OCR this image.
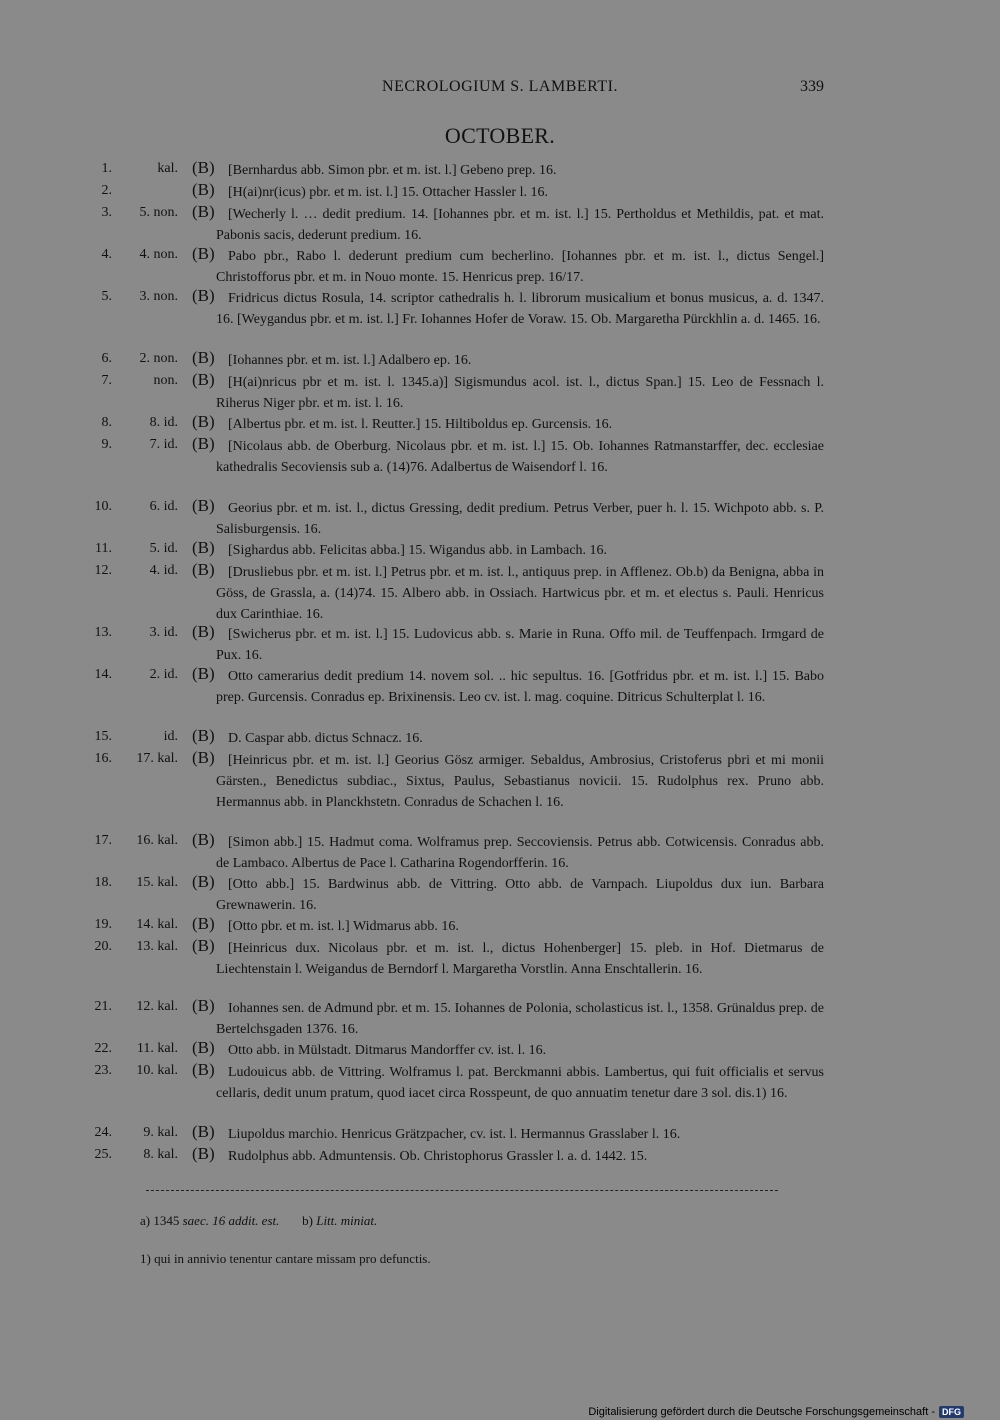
NECROLOGIUM S. LAMBERTI.	339
OCTOBER.
1.	kal. (B) [Bernhardus abb. Simon pbr. et m. ist. l.] Gebeno prep. 16.
2.	(B) [H(ai)nr(icus) pbr. et m. ist. l.] 15. Ottacher Hassler l. 16.
3.	5. non. (B) [Wecherly l. … dedit predium. 14. [Iohannes pbr. et m. ist. l.] 15. Pertholdus et Methildis, pat. et mat. Pabonis sacis, dederunt predium. 16.
4.	4. non. (B) Pabo pbr., Rabo l. dederunt predium cum becherlino. [Iohannes pbr. et m. ist. l., dictus Sengel.] Christofforus pbr. et m. in Nouo monte. 15. Henricus prep. 16/17.
5.	3. non. (B) Fridricus dictus Rosula, 14. scriptor cathedralis h. l. librorum musicalium et bonus musicus, a. d. 1347. 16. [Weygandus pbr. et m. ist. l.] Fr. Iohannes Hofer de Voraw. 15. Ob. Margaretha Pürckhlin a. d. 1465. 16.
6.	2. non. (B) [Iohannes pbr. et m. ist. l.] Adalbero ep. 16.
7.	non. (B) [H(ai)nricus pbr et m. ist. l. 1345.a)] Sigismundus acol. ist. l., dictus Span.] 15. Leo de Fessnach l. Riherus Niger pbr. et m. ist. l. 16.
8.	8. id. (B) [Albertus pbr. et m. ist. l. Reutter.] 15. Hiltiboldus ep. Gurcensis. 16.
9.	7. id. (B) [Nicolaus abb. de Oberburg. Nicolaus pbr. et m. ist. l.] 15. Ob. Iohannes Ratmanstarffer, dec. ecclesiae kathedralis Secoviensis sub a. (14)76. Adalbertus de Waisendorf l. 16.
10.	6. id. (B) Georius pbr. et m. ist. l., dictus Gressing, dedit predium. Petrus Verber, puer h. l. 15. Wichpoto abb. s. P. Salisburgensis. 16.
11.	5. id. (B) [Sighardus abb. Felicitas abba.] 15. Wigandus abb. in Lambach. 16.
12.	4. id. (B) [Drusliebus pbr. et m. ist. l.] Petrus pbr. et m. ist. l., antiquus prep. in Afflenez. Ob.b) da Benigna, abba in Göss, de Grassla, a. (14)74. 15. Albero abb. in Ossiach. Hartwicus pbr. et m. et electus s. Pauli. Henricus dux Carinthiae. 16.
13.	3. id. (B) [Swicherus pbr. et m. ist. l.] 15. Ludovicus abb. s. Marie in Runa. Offo mil. de Teuffenpach. Irmgard de Pux. 16.
14.	2. id. (B) Otto camerarius dedit predium 14. novem sol. .. hic sepultus. 16. [Gotfridus pbr. et m. ist. l.] 15. Babo prep. Gurcensis. Conradus ep. Brixinensis. Leo cv. ist. l. mag. coquine. Ditricus Schulterplat l. 16.
15.	id. (B) D. Caspar abb. dictus Schnacz. 16.
16.	17. kal. (B) [Heinricus pbr. et m. ist. l.] Georius Gösz armiger. Sebaldus, Ambrosius, Cristoferus pbri et mi monii Gärsten., Benedictus subdiac., Sixtus, Paulus, Sebastianus novicii. 15. Rudolphus rex. Pruno abb. Hermannus abb. in Planckhstetn. Conradus de Schachen l. 16.
17.	16. kal. (B) [Simon abb.] 15. Hadmut coma. Wolframus prep. Seccoviensis. Petrus abb. Cotwicensis. Conradus abb. de Lambaco. Albertus de Pace l. Catharina Rogendorfferin. 16.
18.	15. kal. (B) [Otto abb.] 15. Bardwinus abb. de Vittring. Otto abb. de Varnpach. Liupoldus dux iun. Barbara Grewnawerin. 16.
19.	14. kal. (B) [Otto pbr. et m. ist. l.] Widmarus abb. 16.
20.	13. kal. (B) [Heinricus dux. Nicolaus pbr. et m. ist. l., dictus Hohenberger] 15. pleb. in Hof. Dietmarus de Liechtenstain l. Weigandus de Berndorf l. Margaretha Vorstlin. Anna Enschtallerin. 16.
21.	12. kal. (B) Iohannes sen. de Admund pbr. et m. 15. Iohannes de Polonia, scholasticus ist. l., 1358. Grünaldus prep. de Bertelchsgaden 1376. 16.
22.	11. kal. (B) Otto abb. in Mülstadt. Ditmarus Mandorffer cv. ist. l. 16.
23.	10. kal. (B) Ludouicus abb. de Vittring. Wolframus l. pat. Berckmanni abbis. Lambertus, qui fuit officialis et servus cellaris, dedit unum pratum, quod iacet circa Rosspeunt, de quo annuatim tenetur dare 3 sol. dis.1) 16.
24.	9. kal. (B) Liupoldus marchio. Henricus Grätzpacher, cv. ist. l. Hermannus Grasslaber l. 16.
25.	8. kal. (B) Rudolphus abb. Admuntensis. Ob. Christophorus Grassler l. a. d. 1442. 15.
a) 1345 saec. 16 addit. est. b) Litt. miniat.
1) qui in annivio tenentur cantare missam pro defunctis.
Digitalisierung gefördert durch die Deutsche Forschungsgemeinschaft - DFG
